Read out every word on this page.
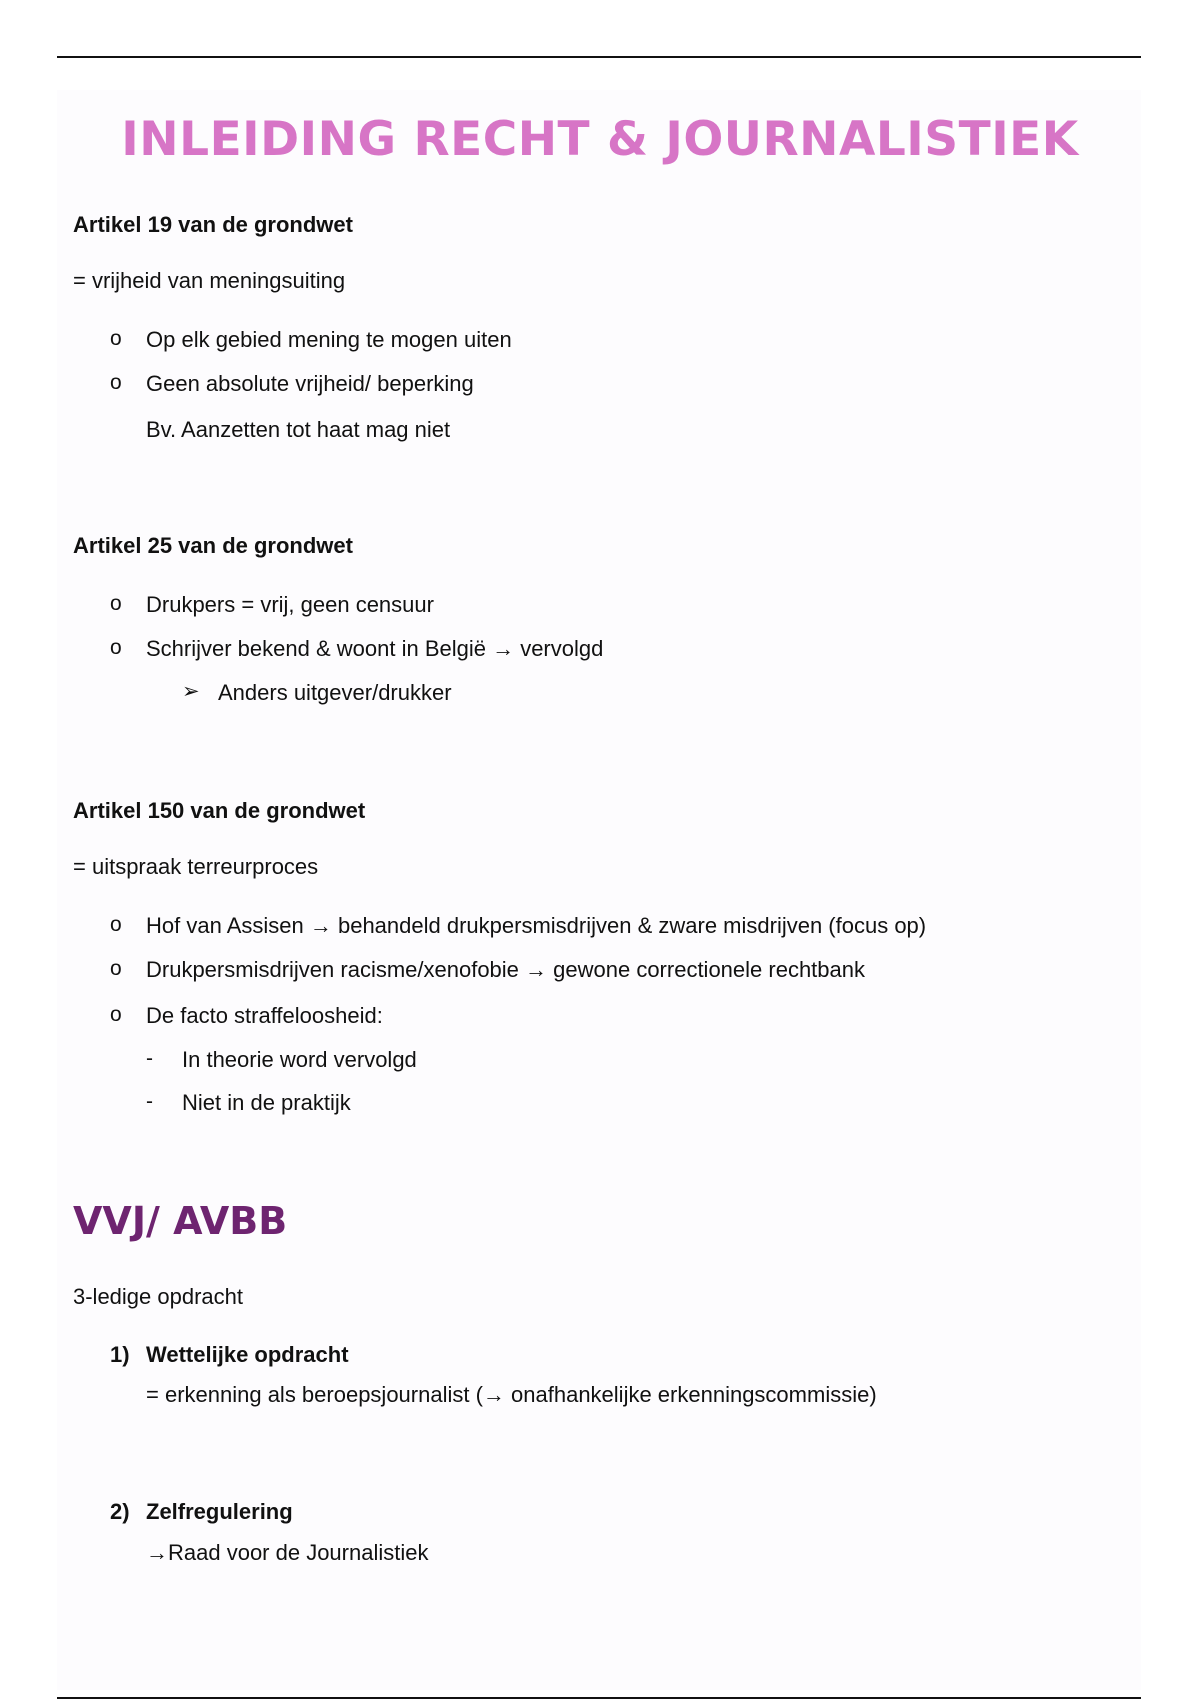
INLEIDING RECHT & JOURNALISTIEK
Artikel 19 van de grondwet
= vrijheid van meningsuiting
o Op elk gebied mening te mogen uiten
o Geen absolute vrijheid/ beperking
Bv. Aanzetten tot haat mag niet
Artikel 25 van de grondwet
o Drukpers = vrij, geen censuur
o Schrijver bekend & woont in België → vervolgd
➢ Anders uitgever/drukker
Artikel 150 van de grondwet
= uitspraak terreurproces
o Hof van Assisen → behandeld drukpersmisdrijven & zware misdrijven (focus op)
o Drukpersmisdrijven racisme/xenofobie → gewone correctionele rechtbank
o De facto straffeloosheid:
- In theorie word vervolgd
- Niet in de praktijk
VVJ/ AVBB
3-ledige opdracht
1) Wettelijke opdracht
= erkenning als beroepsjournalist (→ onafhankelijke erkenningscommissie)
2) Zelfregulering
→Raad voor de Journalistiek
